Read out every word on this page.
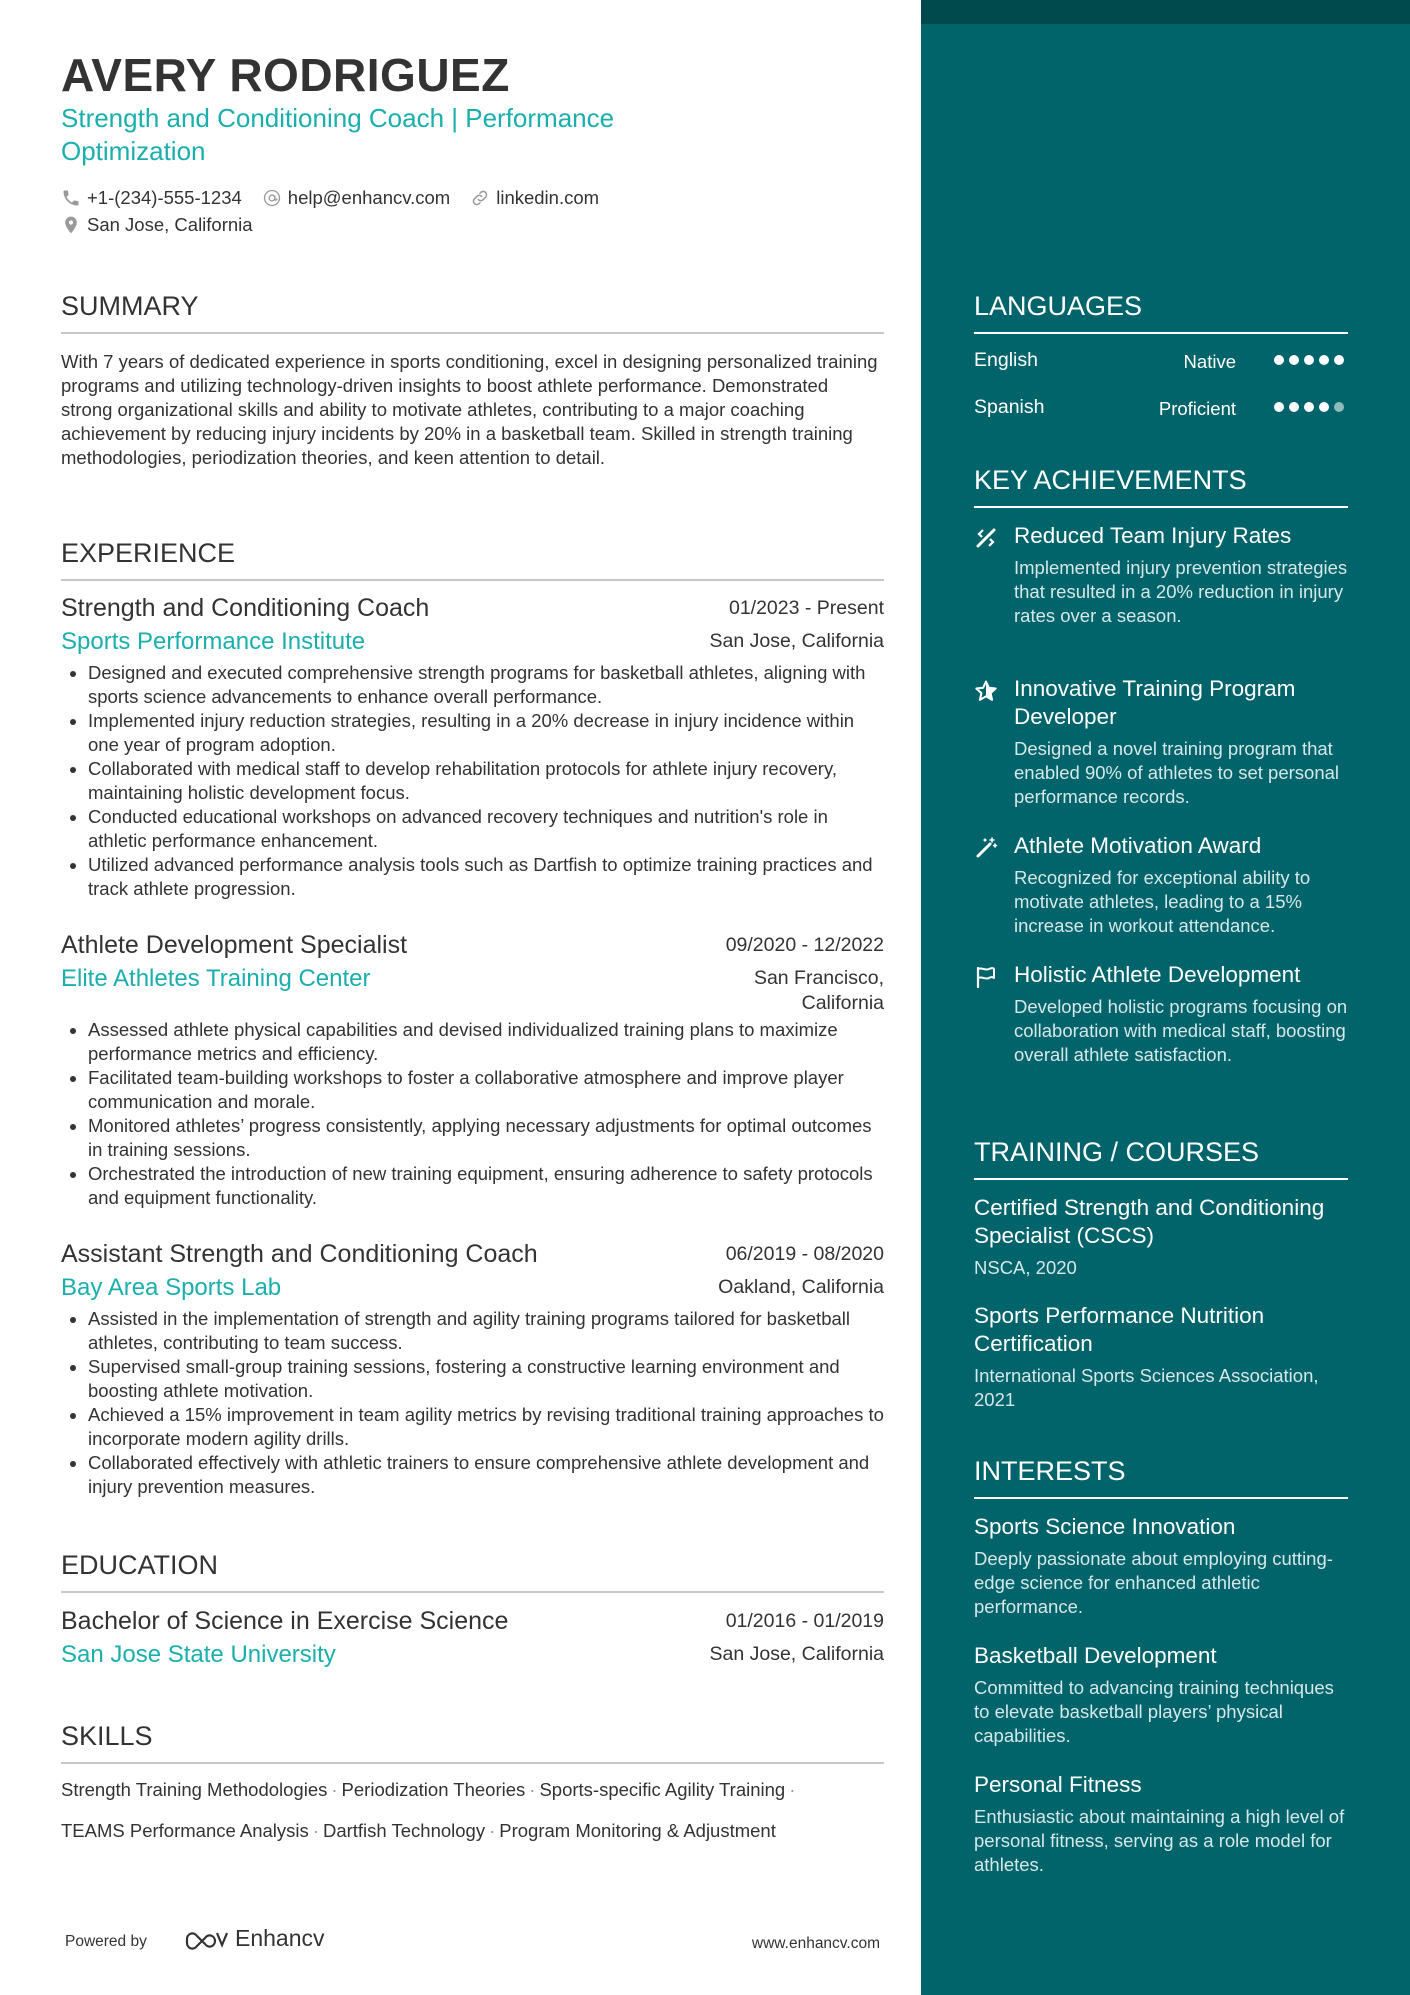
AVERY RODRIGUEZ

Strength and Conditioning Coach | Performance Optimization

+1-(234)-555-1234 help@enhancv.com linkedin.com
San Jose, California
SUMMARY

With 7 years of dedicated experience in sports conditioning, excel in designing personalized training programs and utilizing technology-driven insights to boost athlete performance. Demonstrated strong organizational skills and ability to motivate athletes, contributing to a major coaching achievement by reducing injury incidents by 20% in a basketball team. Skilled in strength training methodologies, periodization theories, and keen attention to detail.

EXPERIENCE
Strength and Conditioning Coach	01/2023 - Present
Sports Performance Institute	San Jose, California
• Designed and executed comprehensive strength programs for basketball athletes, aligning with sports science advancements to enhance overall performance.
• Implemented injury reduction strategies, resulting in a 20% decrease in injury incidence within one year of program adoption.
• Collaborated with medical staff to develop rehabilitation protocols for athlete injury recovery, maintaining holistic development focus.
• Conducted educational workshops on advanced recovery techniques and nutrition's role in athletic performance enhancement.
• Utilized advanced performance analysis tools such as Dartfish to optimize training practices and track athlete progression.
Athlete Development Specialist	09/2020 - 12/2022
Elite Athletes Training Center	San Francisco, California
• Assessed athlete physical capabilities and devised individualized training plans to maximize performance metrics and efficiency.
• Facilitated team-building workshops to foster a collaborative atmosphere and improve player communication and morale.
• Monitored athletes’ progress consistently, applying necessary adjustments for optimal outcomes in training sessions.
• Orchestrated the introduction of new training equipment, ensuring adherence to safety protocols and equipment functionality.
Assistant Strength and Conditioning Coach	06/2019 - 08/2020
Bay Area Sports Lab	Oakland, California
• Assisted in the implementation of strength and agility training programs tailored for basketball athletes, contributing to team success.
• Supervised small-group training sessions, fostering a constructive learning environment and boosting athlete motivation.
• Achieved a 15% improvement in team agility metrics by revising traditional training approaches to incorporate modern agility drills.
• Collaborated effectively with athletic trainers to ensure comprehensive athlete development and injury prevention measures.
EDUCATION
Bachelor of Science in Exercise Science	01/2016 - 01/2019
San Jose State University	San Jose, California
SKILLS
Strength Training Methodologies · Periodization Theories · Sports-specific Agility Training ·
TEAMS Performance Analysis · Dartfish Technology · Program Monitoring & Adjustment
Powered by	Enhancv	www.enhancv.com
LANGUAGES
English	Native
Spanish	Proficient
KEY ACHIEVEMENTS
Reduced Team Injury Rates
Implemented injury prevention strategies that resulted in a 20% reduction in injury rates over a season.
Innovative Training Program Developer
Designed a novel training program that enabled 90% of athletes to set personal performance records.
Athlete Motivation Award
Recognized for exceptional ability to motivate athletes, leading to a 15% increase in workout attendance.
Holistic Athlete Development
Developed holistic programs focusing on collaboration with medical staff, boosting overall athlete satisfaction.
TRAINING / COURSES
Certified Strength and Conditioning Specialist (CSCS)
NSCA, 2020
Sports Performance Nutrition Certification
International Sports Sciences Association, 2021
INTERESTS
Sports Science Innovation
Deeply passionate about employing cutting-edge science for enhanced athletic performance.
Basketball Development
Committed to advancing training techniques to elevate basketball players’ physical capabilities.
Personal Fitness
Enthusiastic about maintaining a high level of personal fitness, serving as a role model for athletes.
